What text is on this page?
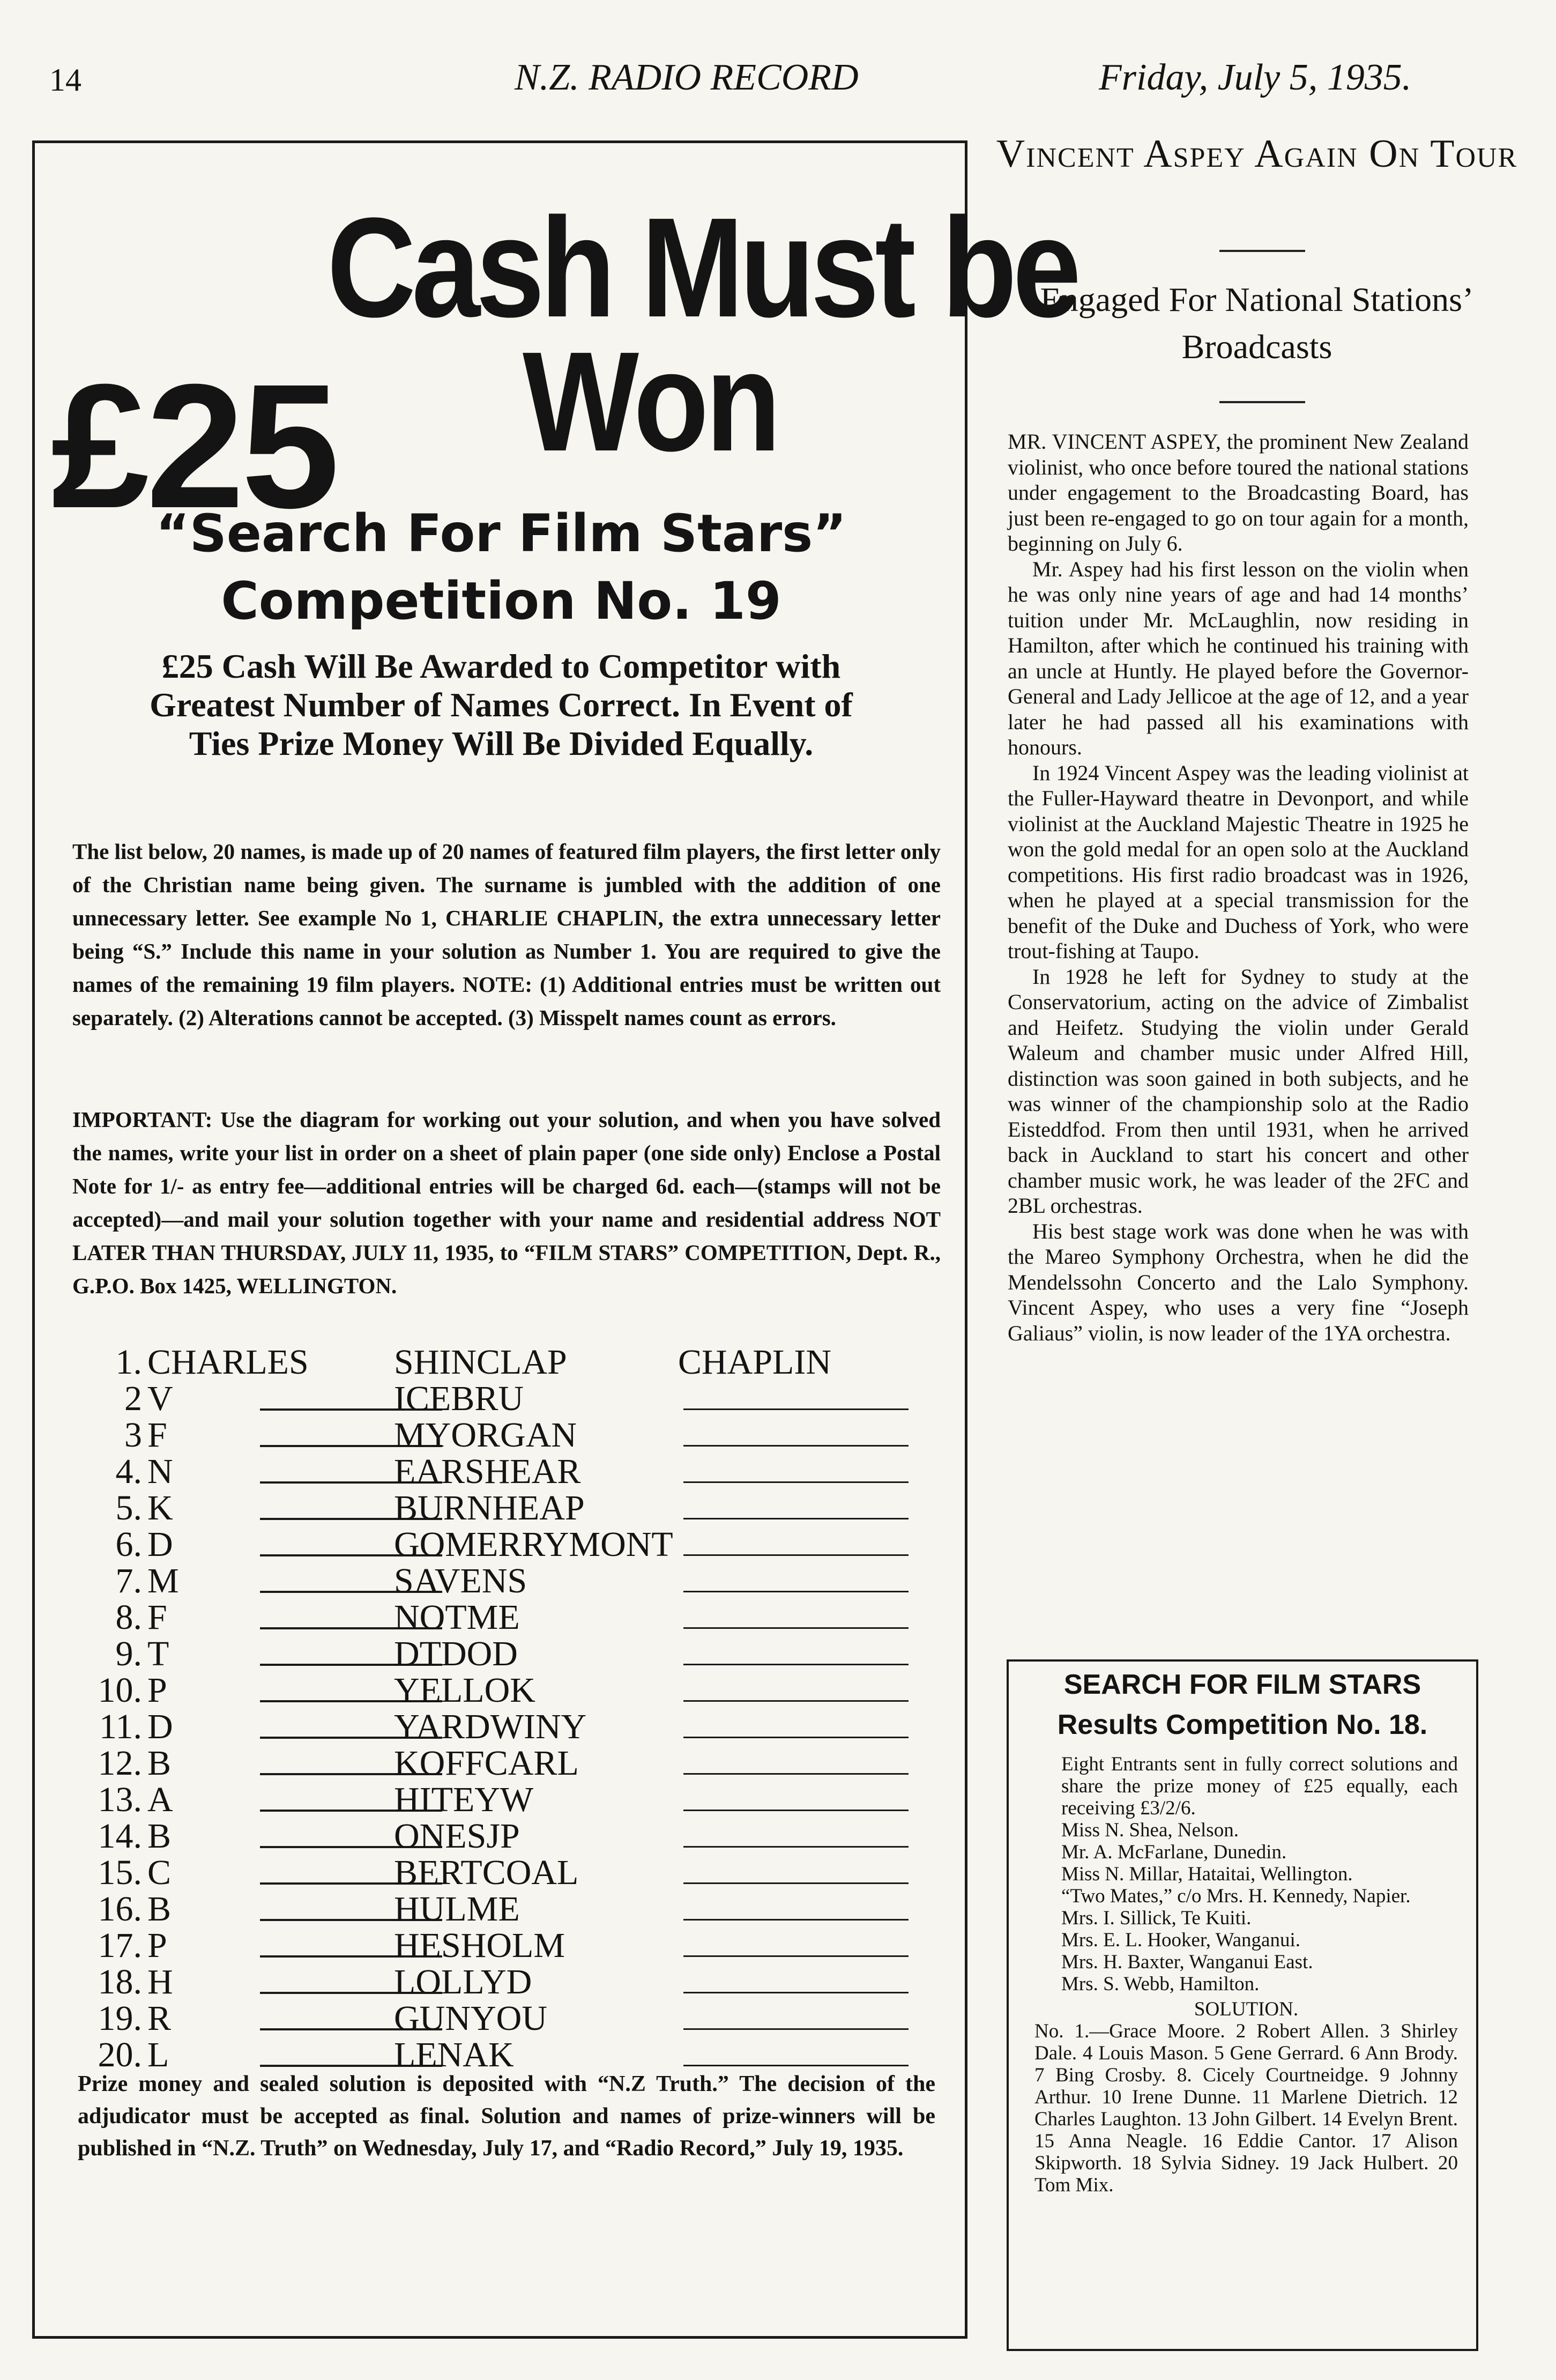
14	N.Z. RADIO RECORD	Friday, July 5, 1935.
£25
Cash Must be
Won
“Search For Film Stars”
Competition No. 19
£25 Cash Will Be Awarded to Competitor with Greatest Number of Names Correct. In Event of Ties Prize Money Will Be Divided Equally.
The list below, 20 names, is made up of 20 names of featured film players, the first letter only of the Christian name being given. The surname is jumbled with the addition of one unnecessary letter. See example No 1, CHARLIE CHAPLIN, the extra unnecessary letter being “S.” Include this name in your solution as Number 1. You are required to give the names of the remaining 19 film players. NOTE: (1) Additional entries must be written out separately. (2) Alterations cannot be accepted. (3) Misspelt names count as errors.
IMPORTANT: Use the diagram for working out your solution, and when you have solved the names, write your list in order on a sheet of plain paper (one side only) Enclose a Postal Note for 1/- as entry fee—additional entries will be charged 6d. each—(stamps will not be accepted)—and mail your solution together with your name and residential address NOT LATER THAN THURSDAY, JULY 11, 1935, to “FILM STARS” COMPETITION, Dept. R., G.P.O. Box 1425, WELLINGTON.
1. CHARLES SHINCLAP	CHAPLIN
2 V	ICEBRU
3 F	MYORGAN
4. N	EARSHEAR
5. K	BURNHEAP
6. D	GOMERRYMONT
7. M	SAVENS
8. F	NOTME
9. T	DTDOD
10. P	YELLOK
11. D	YARDWINY
12. B	KOFFCARL
13. A	HITEYW
14. B	ONESJP
15. C	BERTCOAL
16. B	HULME
17. P	HESHOLM
18. H	LOLLYD
19. R	GUNYOU
20. L	LENAK
Prize money and sealed solution is deposited with “N.Z Truth.” The decision of the adjudicator must be accepted as final. Solution and names of prize-winners will be published in “N.Z. Truth” on Wednesday, July 17, and “Radio Record,” July 19, 1935.
Vincent Aspey Again On Tour
Engaged For National Stations’ Broadcasts

MR. VINCENT ASPEY, the prominent New Zealand violinist, who once before toured the national stations under engagement to the Broadcasting Board, has just been re-engaged to go on tour again for a month, beginning on July 6.

Mr. Aspey had his first lesson on the violin when he was only nine years of age and had 14 months’ tuition under Mr. McLaughlin, now residing in Hamilton, after which he continued his training with an uncle at Huntly. He played before the Governor-General and Lady Jellicoe at the age of 12, and a year later he had passed all his examinations with honours.

In 1924 Vincent Aspey was the leading violinist at the Fuller-Hayward theatre in Devonport, and while violinist at the Auckland Majestic Theatre in 1925 he won the gold medal for an open solo at the Auckland competitions. His first radio broadcast was in 1926, when he played at a special transmission for the benefit of the Duke and Duchess of York, who were trout-fishing at Taupo.

In 1928 he left for Sydney to study at the Conservatorium, acting on the advice of Zimbalist and Heifetz. Studying the violin under Gerald Waleum and chamber music under Alfred Hill, distinction was soon gained in both subjects, and he was winner of the championship solo at the Radio Eisteddfod. From then until 1931, when he arrived back in Auckland to start his concert and other chamber music work, he was leader of the 2FC and 2BL orchestras.

His best stage work was done when he was with the Mareo Symphony Orchestra, when he did the Mendelssohn Concerto and the Lalo Symphony. Vincent Aspey, who uses a very fine “Joseph Galiaus” violin, is now leader of the 1YA orchestra.

SEARCH FOR FILM STARS
Results Competition No. 18.

Eight Entrants sent in fully correct solutions and share the prize money of £25 equally, each receiving £3/2/6.

Miss N. Shea, Nelson.

Mr. A. McFarlane, Dunedin.

Miss N. Millar, Hataitai, Wellington.

“Two Mates,” c/o Mrs. H. Kennedy, Napier.

Mrs. I. Sillick, Te Kuiti.

Mrs. E. L. Hooker, Wanganui.

Mrs. H. Baxter, Wanganui East.

Mrs. S. Webb, Hamilton.

SOLUTION.

No. 1.—Grace Moore. 2 Robert Allen. 3 Shirley Dale. 4 Louis Mason. 5 Gene Gerrard. 6 Ann Brody. 7 Bing Crosby. 8. Cicely Courtneidge. 9 Johnny Arthur. 10 Irene Dunne. 11 Marlene Dietrich. 12 Charles Laughton. 13 John Gilbert. 14 Evelyn Brent. 15 Anna Neagle. 16 Eddie Cantor. 17 Alison Skipworth. 18 Sylvia Sidney. 19 Jack Hulbert. 20 Tom Mix.
